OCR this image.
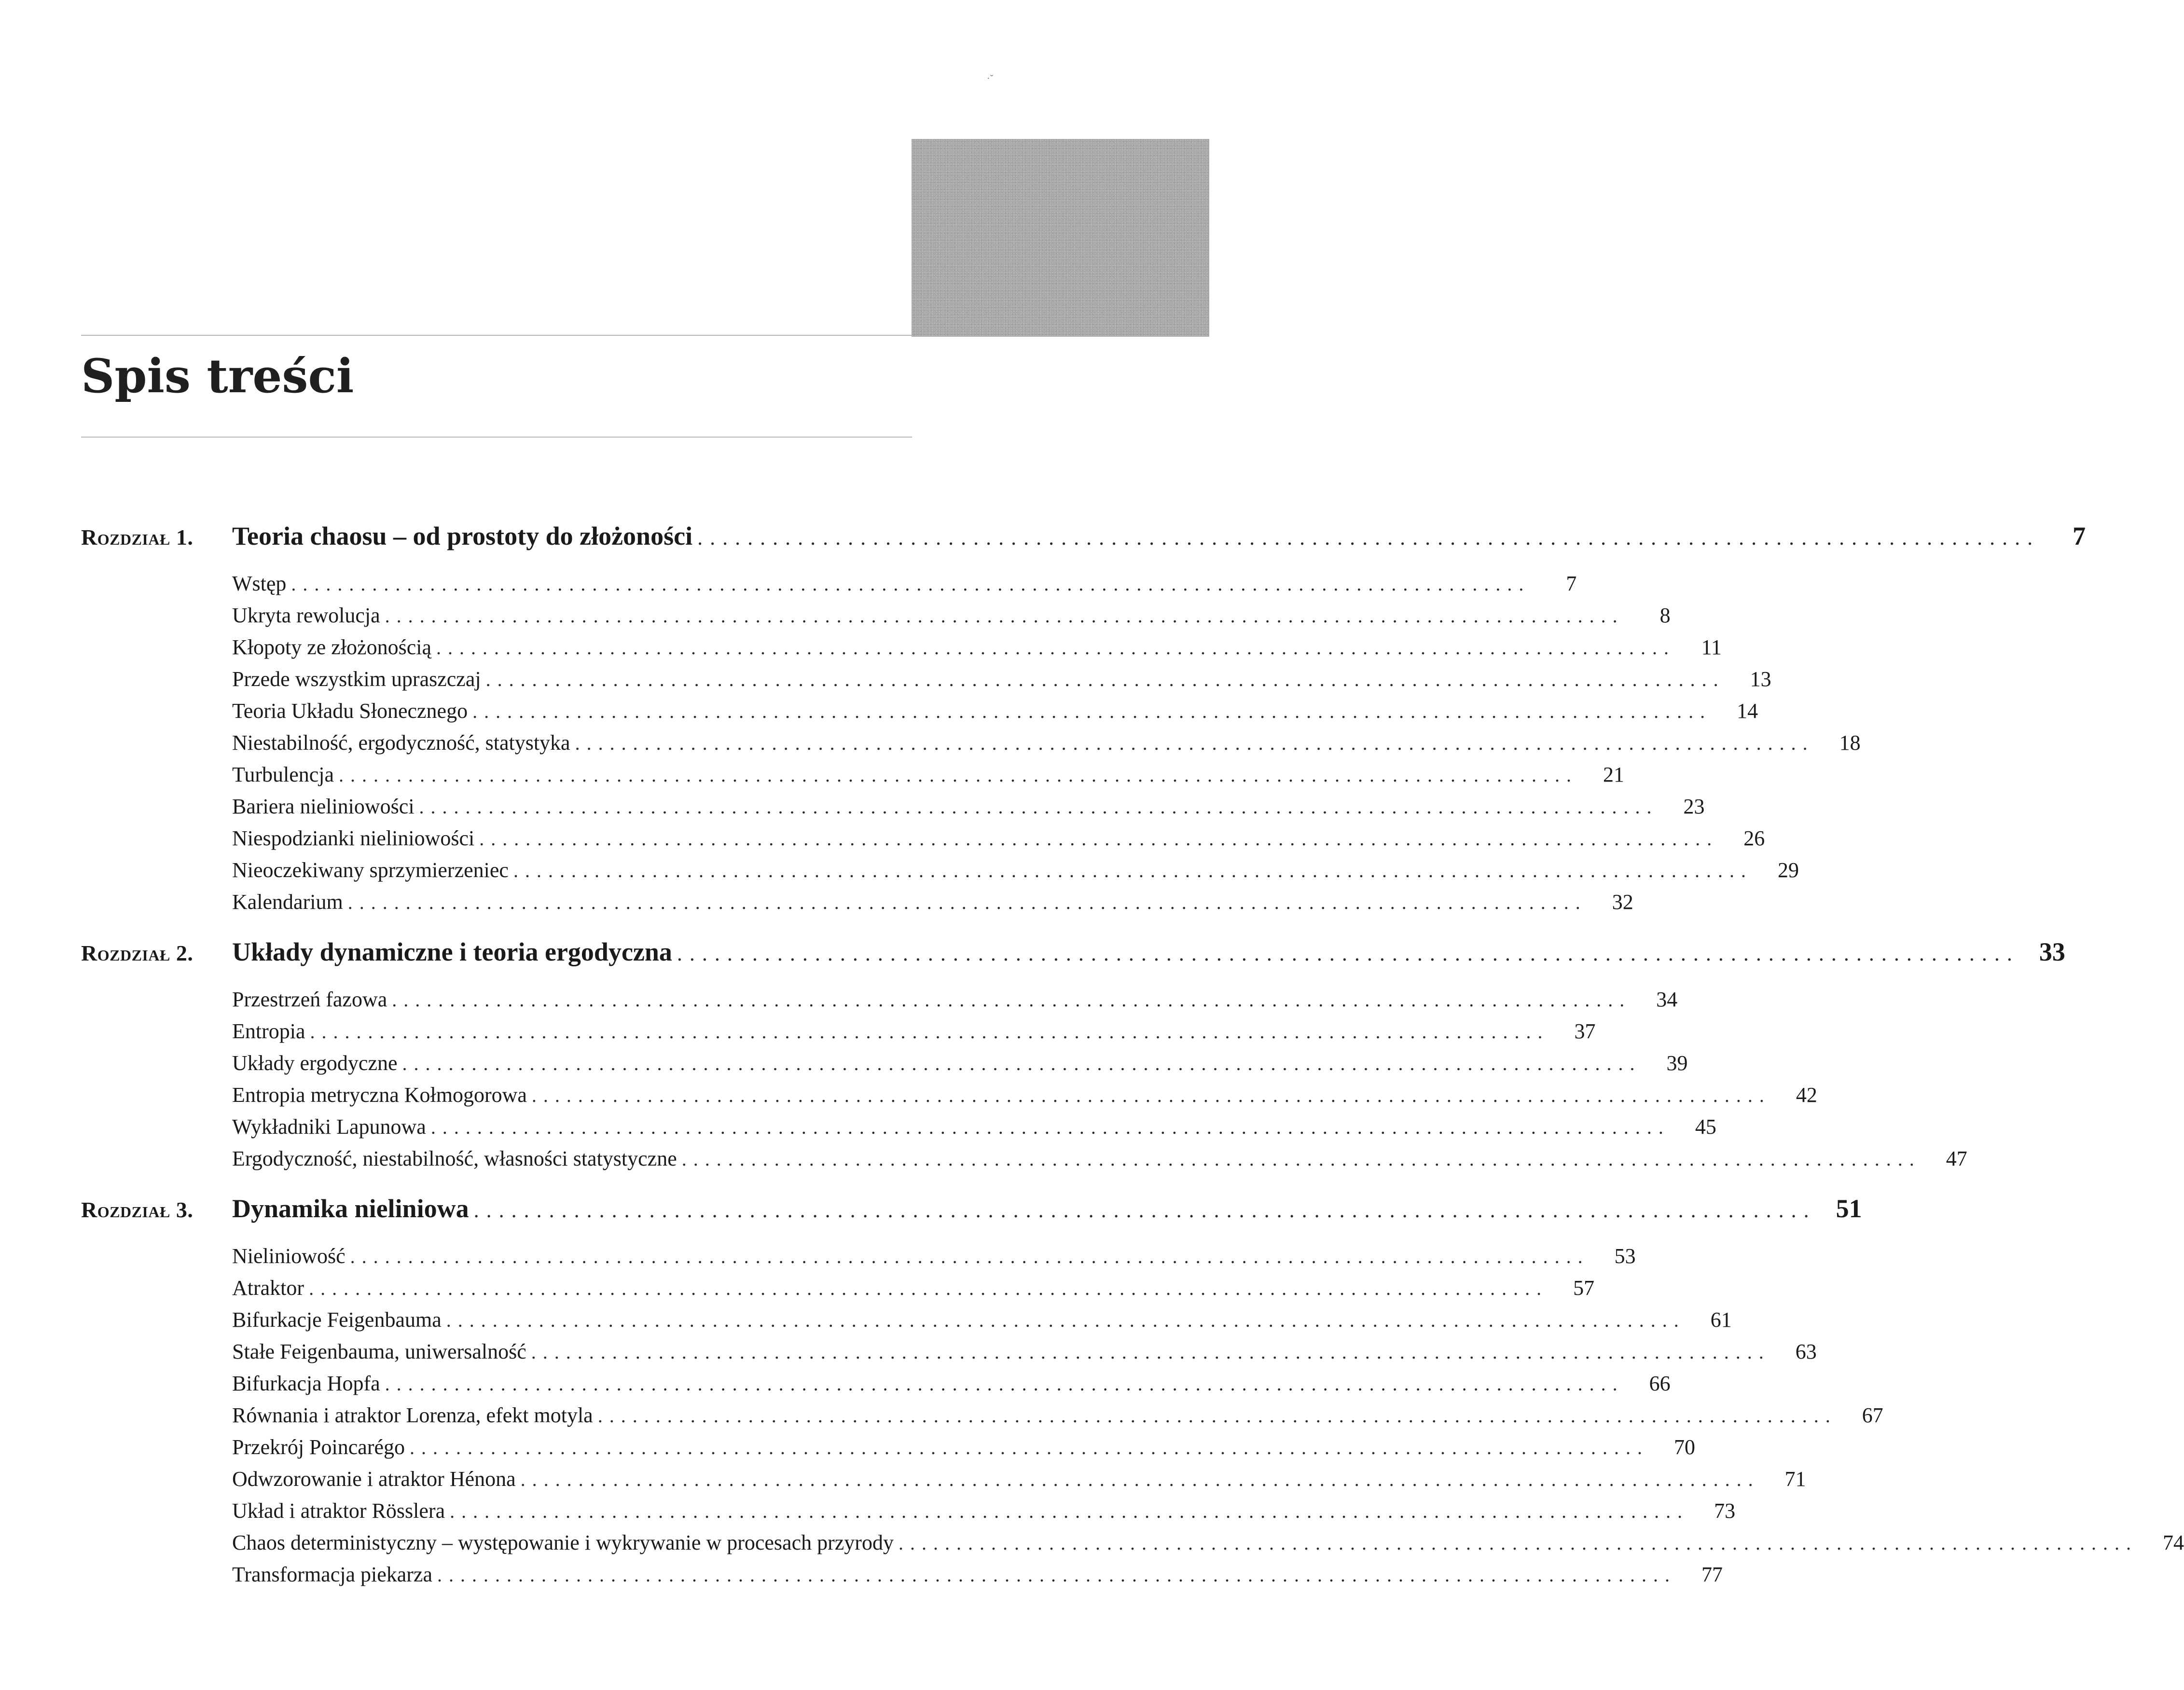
·ˇ
Spis treści
Rozdział 1.	Teoria chaosu – od prostoty do złożoności . . . . . . . . . . . . . . . . . . . . . . . . . . . . . . . . . . . . . . . . . . . . . . . . . . . . . . . . . . . . . . . . . . . . . . . . . . . . . . . . . . . . . . . . . . . . . . . . . . . . . . . . . . .	7
Wstęp . . . . . . . . . . . . . . . . . . . . . . . . . . . . . . . . . . . . . . . . . . . . . . . . . . . . . . . . . . . . . . . . . . . . . . . . . . . . . . . . . . . . . . . . . . . . . . . . . . . . . . . . . . .	7
Ukryta rewolucja . . . . . . . . . . . . . . . . . . . . . . . . . . . . . . . . . . . . . . . . . . . . . . . . . . . . . . . . . . . . . . . . . . . . . . . . . . . . . . . . . . . . . . . . . . . . . . . . . . . . . . . . . . .	8
Kłopoty ze złożonością . . . . . . . . . . . . . . . . . . . . . . . . . . . . . . . . . . . . . . . . . . . . . . . . . . . . . . . . . . . . . . . . . . . . . . . . . . . . . . . . . . . . . . . . . . . . . . . . . . . . . . . . . . .	11
Przede wszystkim upraszczaj . . . . . . . . . . . . . . . . . . . . . . . . . . . . . . . . . . . . . . . . . . . . . . . . . . . . . . . . . . . . . . . . . . . . . . . . . . . . . . . . . . . . . . . . . . . . . . . . . . . . . . . . . . .	13
Teoria Układu Słonecznego . . . . . . . . . . . . . . . . . . . . . . . . . . . . . . . . . . . . . . . . . . . . . . . . . . . . . . . . . . . . . . . . . . . . . . . . . . . . . . . . . . . . . . . . . . . . . . . . . . . . . . . . . . .	14
Niestabilność, ergodyczność, statystyka . . . . . . . . . . . . . . . . . . . . . . . . . . . . . . . . . . . . . . . . . . . . . . . . . . . . . . . . . . . . . . . . . . . . . . . . . . . . . . . . . . . . . . . . . . . . . . . . . . . . . . . . . . .	18
Turbulencja . . . . . . . . . . . . . . . . . . . . . . . . . . . . . . . . . . . . . . . . . . . . . . . . . . . . . . . . . . . . . . . . . . . . . . . . . . . . . . . . . . . . . . . . . . . . . . . . . . . . . . . . . . .	21
Bariera nieliniowości . . . . . . . . . . . . . . . . . . . . . . . . . . . . . . . . . . . . . . . . . . . . . . . . . . . . . . . . . . . . . . . . . . . . . . . . . . . . . . . . . . . . . . . . . . . . . . . . . . . . . . . . . . .	23
Niespodzianki nieliniowości . . . . . . . . . . . . . . . . . . . . . . . . . . . . . . . . . . . . . . . . . . . . . . . . . . . . . . . . . . . . . . . . . . . . . . . . . . . . . . . . . . . . . . . . . . . . . . . . . . . . . . . . . . .	26
Nieoczekiwany sprzymierzeniec . . . . . . . . . . . . . . . . . . . . . . . . . . . . . . . . . . . . . . . . . . . . . . . . . . . . . . . . . . . . . . . . . . . . . . . . . . . . . . . . . . . . . . . . . . . . . . . . . . . . . . . . . . .	29
Kalendarium . . . . . . . . . . . . . . . . . . . . . . . . . . . . . . . . . . . . . . . . . . . . . . . . . . . . . . . . . . . . . . . . . . . . . . . . . . . . . . . . . . . . . . . . . . . . . . . . . . . . . . . . . . .	32
Rozdział 2.	Układy dynamiczne i teoria ergodyczna . . . . . . . . . . . . . . . . . . . . . . . . . . . . . . . . . . . . . . . . . . . . . . . . . . . . . . . . . . . . . . . . . . . . . . . . . . . . . . . . . . . . . . . . . . . . . . . . . . . . . . . . . . .	33
Przestrzeń fazowa . . . . . . . . . . . . . . . . . . . . . . . . . . . . . . . . . . . . . . . . . . . . . . . . . . . . . . . . . . . . . . . . . . . . . . . . . . . . . . . . . . . . . . . . . . . . . . . . . . . . . . . . . . .	34
Entropia . . . . . . . . . . . . . . . . . . . . . . . . . . . . . . . . . . . . . . . . . . . . . . . . . . . . . . . . . . . . . . . . . . . . . . . . . . . . . . . . . . . . . . . . . . . . . . . . . . . . . . . . . . .	37
Układy ergodyczne . . . . . . . . . . . . . . . . . . . . . . . . . . . . . . . . . . . . . . . . . . . . . . . . . . . . . . . . . . . . . . . . . . . . . . . . . . . . . . . . . . . . . . . . . . . . . . . . . . . . . . . . . . .	39
Entropia metryczna Kołmogorowa . . . . . . . . . . . . . . . . . . . . . . . . . . . . . . . . . . . . . . . . . . . . . . . . . . . . . . . . . . . . . . . . . . . . . . . . . . . . . . . . . . . . . . . . . . . . . . . . . . . . . . . . . . .	42
Wykładniki Lapunowa . . . . . . . . . . . . . . . . . . . . . . . . . . . . . . . . . . . . . . . . . . . . . . . . . . . . . . . . . . . . . . . . . . . . . . . . . . . . . . . . . . . . . . . . . . . . . . . . . . . . . . . . . . .	45
Ergodyczność, niestabilność, własności statystyczne . . . . . . . . . . . . . . . . . . . . . . . . . . . . . . . . . . . . . . . . . . . . . . . . . . . . . . . . . . . . . . . . . . . . . . . . . . . . . . . . . . . . . . . . . . . . . . . . . . . . . . . . . . .	47
Rozdział 3.	Dynamika nieliniowa . . . . . . . . . . . . . . . . . . . . . . . . . . . . . . . . . . . . . . . . . . . . . . . . . . . . . . . . . . . . . . . . . . . . . . . . . . . . . . . . . . . . . . . . . . . . . . . . . . . . . . . . . . .	51
Nieliniowość . . . . . . . . . . . . . . . . . . . . . . . . . . . . . . . . . . . . . . . . . . . . . . . . . . . . . . . . . . . . . . . . . . . . . . . . . . . . . . . . . . . . . . . . . . . . . . . . . . . . . . . . . . .	53
Atraktor . . . . . . . . . . . . . . . . . . . . . . . . . . . . . . . . . . . . . . . . . . . . . . . . . . . . . . . . . . . . . . . . . . . . . . . . . . . . . . . . . . . . . . . . . . . . . . . . . . . . . . . . . . .	57
Bifurkacje Feigenbauma . . . . . . . . . . . . . . . . . . . . . . . . . . . . . . . . . . . . . . . . . . . . . . . . . . . . . . . . . . . . . . . . . . . . . . . . . . . . . . . . . . . . . . . . . . . . . . . . . . . . . . . . . . .	61
Stałe Feigenbauma, uniwersalność . . . . . . . . . . . . . . . . . . . . . . . . . . . . . . . . . . . . . . . . . . . . . . . . . . . . . . . . . . . . . . . . . . . . . . . . . . . . . . . . . . . . . . . . . . . . . . . . . . . . . . . . . . .	63
Bifurkacja Hopfa . . . . . . . . . . . . . . . . . . . . . . . . . . . . . . . . . . . . . . . . . . . . . . . . . . . . . . . . . . . . . . . . . . . . . . . . . . . . . . . . . . . . . . . . . . . . . . . . . . . . . . . . . . .	66
Równania i atraktor Lorenza, efekt motyla . . . . . . . . . . . . . . . . . . . . . . . . . . . . . . . . . . . . . . . . . . . . . . . . . . . . . . . . . . . . . . . . . . . . . . . . . . . . . . . . . . . . . . . . . . . . . . . . . . . . . . . . . . .	67
Przekrój Poincarégo . . . . . . . . . . . . . . . . . . . . . . . . . . . . . . . . . . . . . . . . . . . . . . . . . . . . . . . . . . . . . . . . . . . . . . . . . . . . . . . . . . . . . . . . . . . . . . . . . . . . . . . . . . .	70
Odwzorowanie i atraktor Hénona . . . . . . . . . . . . . . . . . . . . . . . . . . . . . . . . . . . . . . . . . . . . . . . . . . . . . . . . . . . . . . . . . . . . . . . . . . . . . . . . . . . . . . . . . . . . . . . . . . . . . . . . . . .	71
Układ i atraktor Rösslera . . . . . . . . . . . . . . . . . . . . . . . . . . . . . . . . . . . . . . . . . . . . . . . . . . . . . . . . . . . . . . . . . . . . . . . . . . . . . . . . . . . . . . . . . . . . . . . . . . . . . . . . . . .	73
Chaos deterministyczny – występowanie i wykrywanie w procesach przyrody . . . . . . . . . . . . . . . . . . . . . . . . . . . . . . . . . . . . . . . . . . . . . . . . . . . . . . . . . . . . . . . . . . . . . . . . . . . . . . . . . . . . . . . . . . . . . . . . . . . . . . . . . . .	74
Transformacja piekarza . . . . . . . . . . . . . . . . . . . . . . . . . . . . . . . . . . . . . . . . . . . . . . . . . . . . . . . . . . . . . . . . . . . . . . . . . . . . . . . . . . . . . . . . . . . . . . . . . . . . . . . . . . .	77
